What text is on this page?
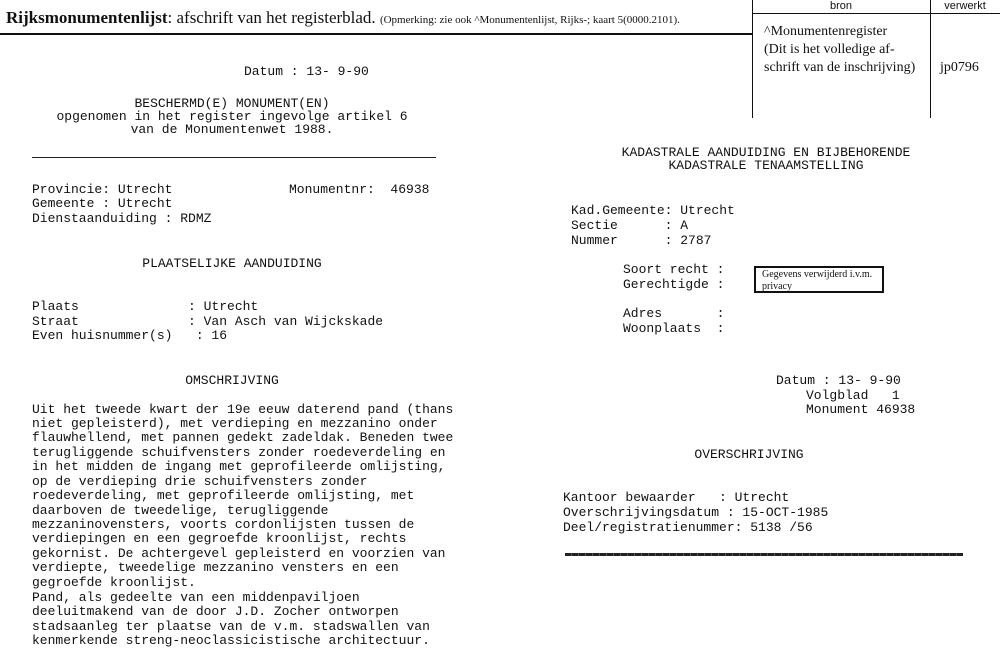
Rijksmonumentenlijst: afschrift van het registerblad. (Opmerking: zie ook ^Monumentenlijst, Rijks-; kaart 5(0000.2101).

bron

	verwerkt

^Monumentenregister

(Dit is het volledige af-

schrift van de inschrijving)

jp0796

Datum : 13- 9-90
BESCHERMD(E) MONUMENT(EN)
opgenomen in het register ingevolge artikel 6
van de Monumentenwet 1988.
Provincie: Utrecht	Monumentnr:  46938
Gemeente : Utrecht
Dienstaanduiding : RDMZ
PLAATSELIJKE AANDUIDING
Plaats              : Utrecht
Straat              : Van Asch van Wijckskade
Even huisnummer(s)   : 16
OMSCHRIJVING
Uit het tweede kwart der 19e eeuw daterend pand (thans
niet gepleisterd), met verdieping en mezzanino onder
flauwhellend, met pannen gedekt zadeldak. Beneden twee
terugliggende schuifvensters zonder roedeverdeling en
in het midden de ingang met geprofileerde omlijsting,
op de verdieping drie schuifvensters zonder
roedeverdeling, met geprofileerde omlijsting, met
daarboven de tweedelige, terugliggende
mezzaninovensters, voorts cordonlijsten tussen de
verdiepingen en een gegroefde kroonlijst, rechts
gekornist. De achtergevel gepleisterd en voorzien van
verdiepte, tweedelige mezzanino vensters en een
gegroefde kroonlijst.
Pand, als gedeelte van een middenpaviljoen
deeluitmakend van de door J.D. Zocher ontworpen
stadsaanleg ter plaatse van de v.m. stadswallen van
kenmerkende streng-neoclassicistische architectuur.
KADASTRALE AANDUIDING EN BIJBEHORENDE
KADASTRALE TENAAMSTELLING
Kad.Gemeente: Utrecht
Sectie      : A
Nummer      : 2787
Soort recht :
Gerechtigde :
Gegevens verwijderd i.v.m. privacy
Adres       :
Woonplaats  :
Datum : 13- 9-90
Volgblad   1
Monument 46938
OVERSCHRIJVING
Kantoor bewaarder   : Utrecht
Overschrijvingsdatum : 15-OCT-1985
Deel/registratienummer: 5138 /56
